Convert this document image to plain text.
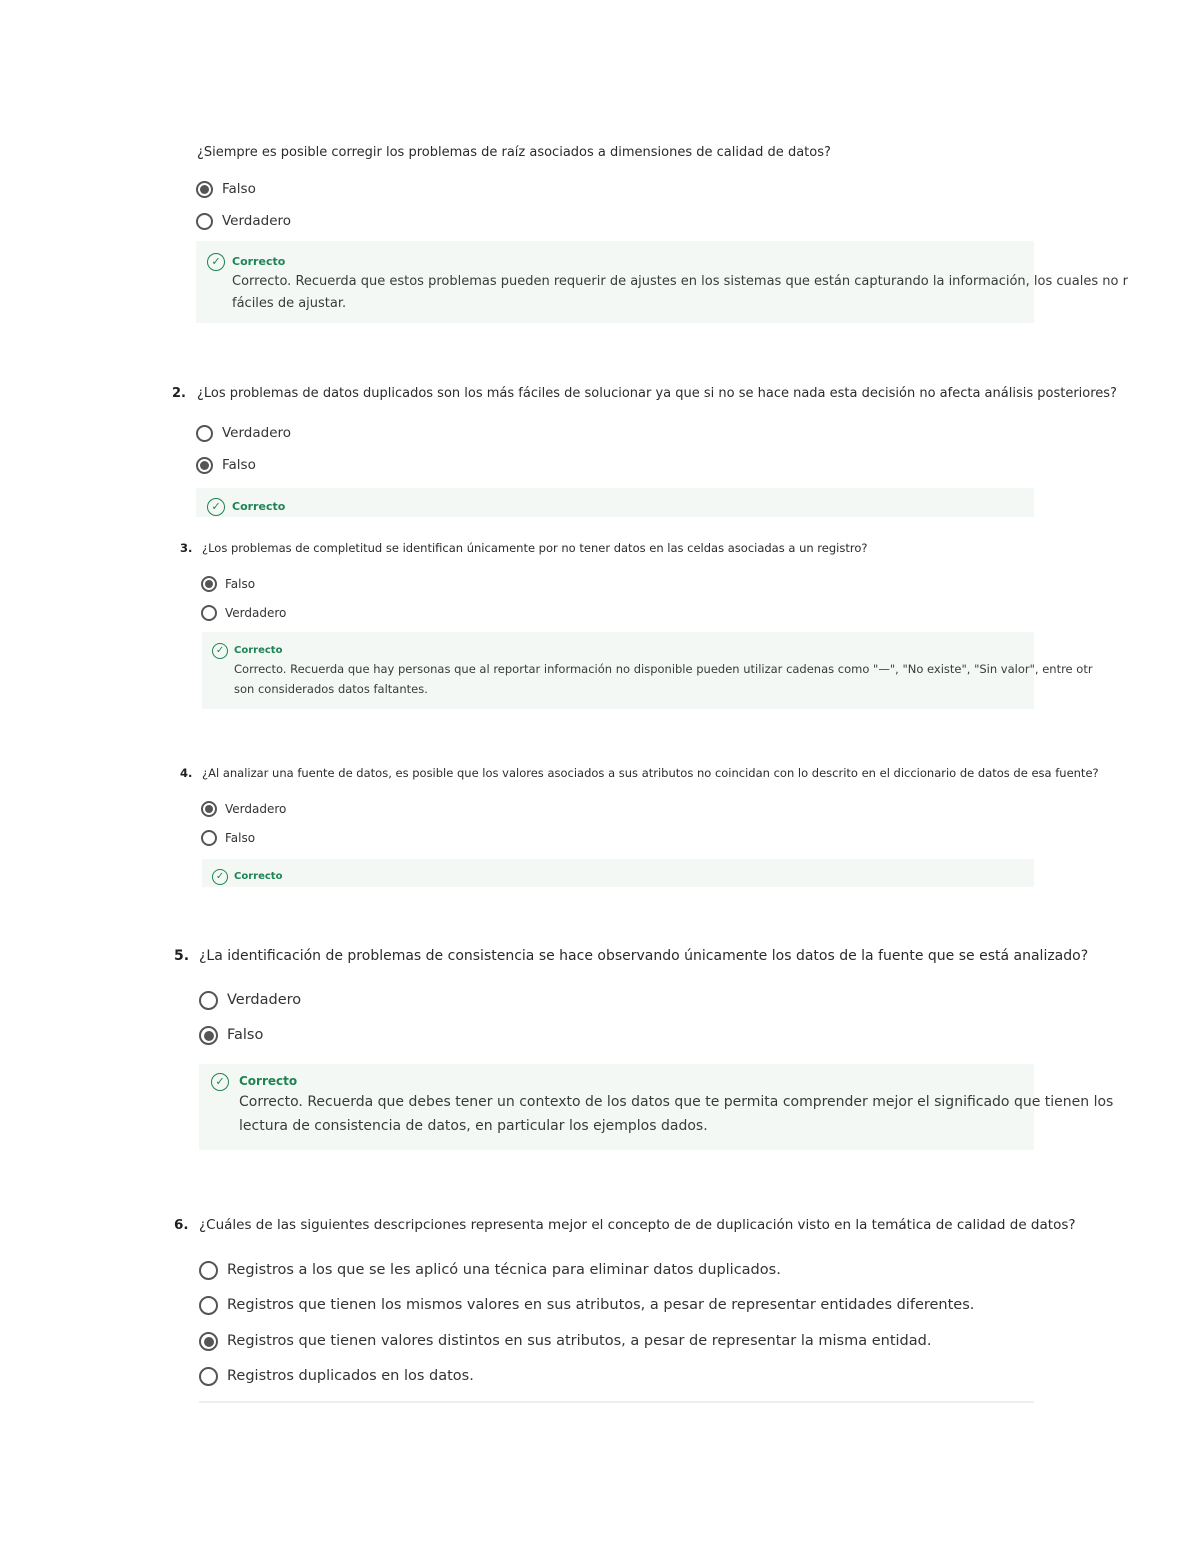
¿Siempre es posible corregir los problemas de raíz asociados a dimensiones de calidad de datos?
Falso
Verdadero
✓	Correcto
Correcto. Recuerda que estos problemas pueden requerir de ajustes en los sistemas que están capturando la información, los cuales no r
fáciles de ajustar.
2. ¿Los problemas de datos duplicados son los más fáciles de solucionar ya que si no se hace nada esta decisión no afecta análisis posteriores?
Verdadero
Falso
✓	Correcto
3. ¿Los problemas de completitud se identifican únicamente por no tener datos en las celdas asociadas a un registro?
Falso
Verdadero
✓ Correcto
Correcto. Recuerda que hay personas que al reportar información no disponible pueden utilizar cadenas como "—", "No existe", "Sin valor", entre otr
son considerados datos faltantes.
4. ¿Al analizar una fuente de datos, es posible que los valores asociados a sus atributos no coincidan con lo descrito en el diccionario de datos de esa fuente?
Verdadero
Falso
✓ Correcto
5. ¿La identificación de problemas de consistencia se hace observando únicamente los datos de la fuente que se está analizado?
Verdadero
Falso
✓	Correcto
Correcto. Recuerda que debes tener un contexto de los datos que te permita comprender mejor el significado que tienen los
lectura de consistencia de datos, en particular los ejemplos dados.
6. ¿Cuáles de las siguientes descripciones representa mejor el concepto de de duplicación visto en la temática de calidad de datos?
Registros a los que se les aplicó una técnica para eliminar datos duplicados.
Registros que tienen los mismos valores en sus atributos, a pesar de representar entidades diferentes.
Registros que tienen valores distintos en sus atributos, a pesar de representar la misma entidad.
Registros duplicados en los datos.
